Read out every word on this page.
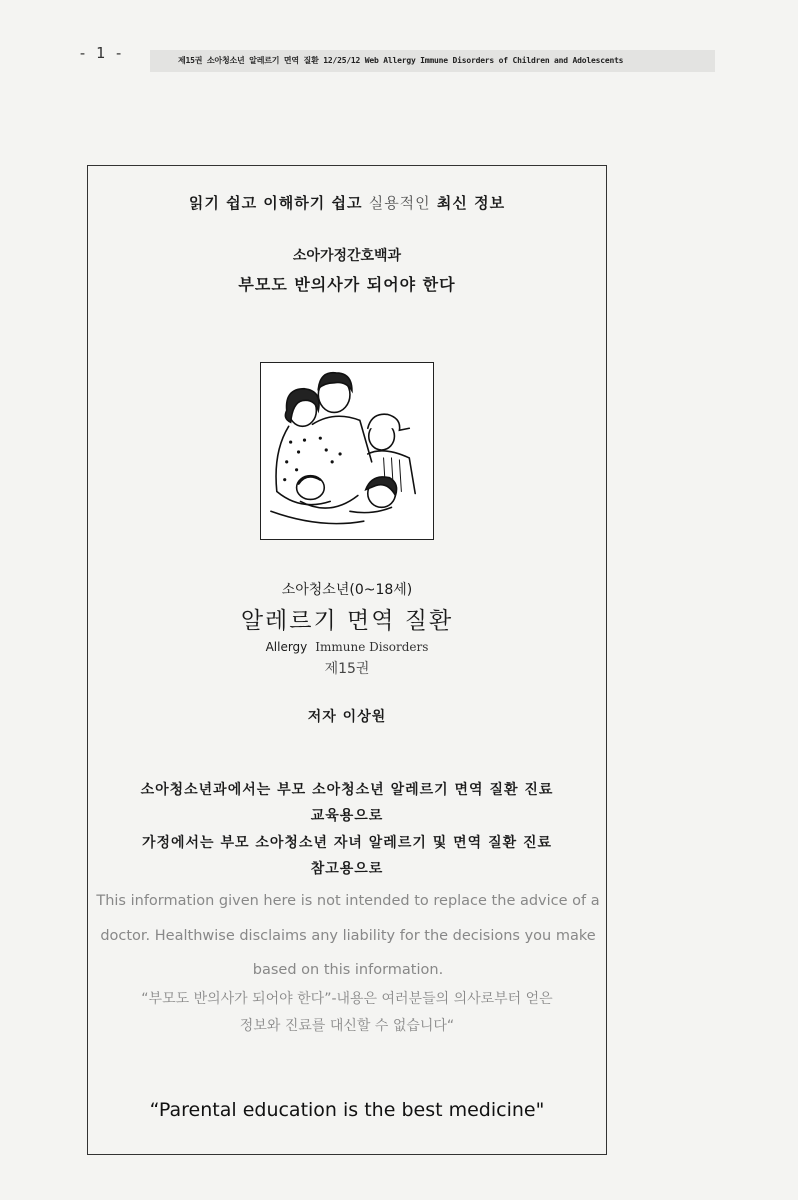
- 1 -	제15권 소아청소년 알레르기 면역 질환 12/25/12 Web Allergy Immune Disorders of Children and Adolescents
읽기 쉽고 이해하기 쉽고 실용적인 최신 정보
소아가정간호백과
부모도 반의사가 되어야 한다
소아청소년(0~18세)
알레르기 면역 질환
Allergy Immune Disorders
제15권
저자 이상원
소아청소년과에서는 부모 소아청소년 알레르기 면역 질환 진료
교육용으로
가정에서는 부모 소아청소년 자녀 알레르기 및 면역 질환 진료
참고용으로
This information given here is not intended to replace the advice of a doctor. Healthwise disclaims any liability for the decisions you make based on this information.
“부모도 반의사가 되어야 한다”-내용은 여러분들의 의사로부터 얻은
정보와 진료를 대신할 수 없습니다“
“Parental education is the best medicine"
